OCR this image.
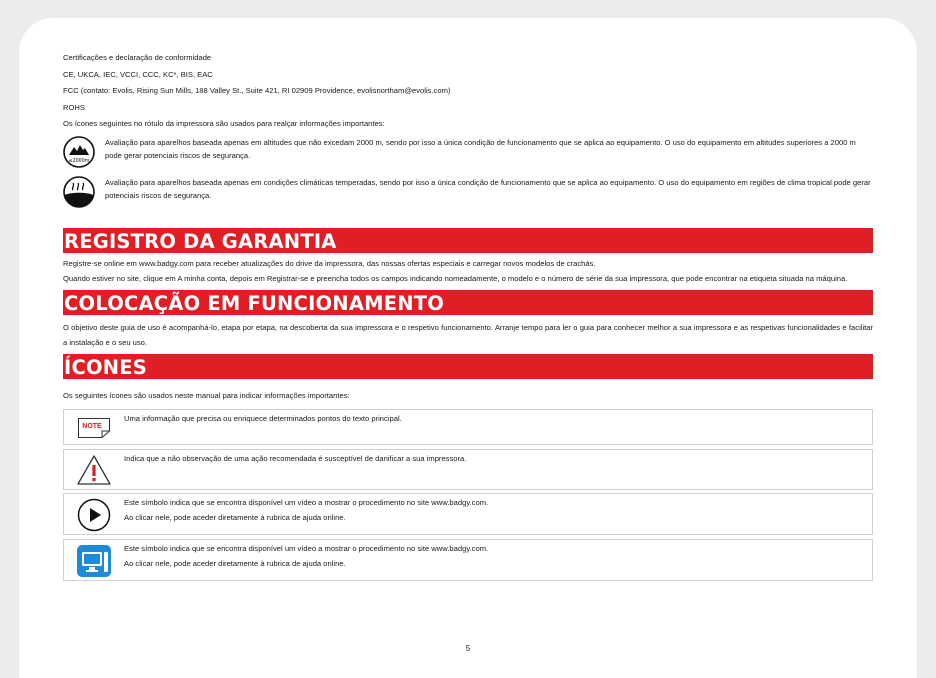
Certificações e declaração de conformidade
CE, UKCA, IEC, VCCI, CCC, KC*, BIS, EAC
FCC (contato: Evolis, Rising Sun Mills, 188 Valley St., Suite 421, RI 02909 Providence, evolisnortham@evolis.com)
ROHS
Os ícones seguintes no rótulo da impressora são usados para realçar informações importantes:
≤2000m
Avaliação para aparelhos baseada apenas em altitudes que não excedam 2000 m, sendo por isso a única condição de funcionamento que se aplica ao equipamento. O uso do equipamento em altitudes superiores a 2000 m pode gerar potenciais riscos de segurança.
Avaliação para aparelhos baseada apenas em condições climáticas temperadas, sendo por isso a única condição de funcionamento que se aplica ao equipamento. O uso do equipamento em regiões de clima tropical pode gerar potenciais riscos de segurança.
REGISTRO DA GARANTIA
Registre-se online em www.badgy.com para receber atualizações do drive da impressora, das nossas ofertas especiais e carregar novos modelos de crachás.
Quando estiver no site, clique em A minha conta, depois em Registrar-se e preencha todos os campos indicando nomeadamente, o modelo e o número de série da sua impressora, que pode encontrar na etiqueta situada na máquina.
COLOCAÇÃO EM FUNCIONAMENTO
O objetivo deste guia de uso é acompanhá-lo, etapa por etapa, na descoberta da sua impressora e o respetivo funcionamento. Arranje tempo para ler o guia para conhecer melhor a sua impressora e as respetivas funcionalidades e facilitar a instalação e o seu uso.
ÍCONES
Os seguintes ícones são usados neste manual para indicar informações importantes:
NOTE
Uma informação que precisa ou enriquece determinados pontos do texto principal.
Indica que a não observação de uma ação recomendada é susceptível de danificar a sua impressora.
Este símbolo indica que se encontra disponível um vídeo a mostrar o procedimento no site www.badgy.com.
Ao clicar nele, pode aceder diretamente à rubrica de ajuda online.
Este símbolo indica que se encontra disponível um vídeo a mostrar o procedimento no site www.badgy.com.
Ao clicar nele, pode aceder diretamente à rubrica de ajuda online.
5
